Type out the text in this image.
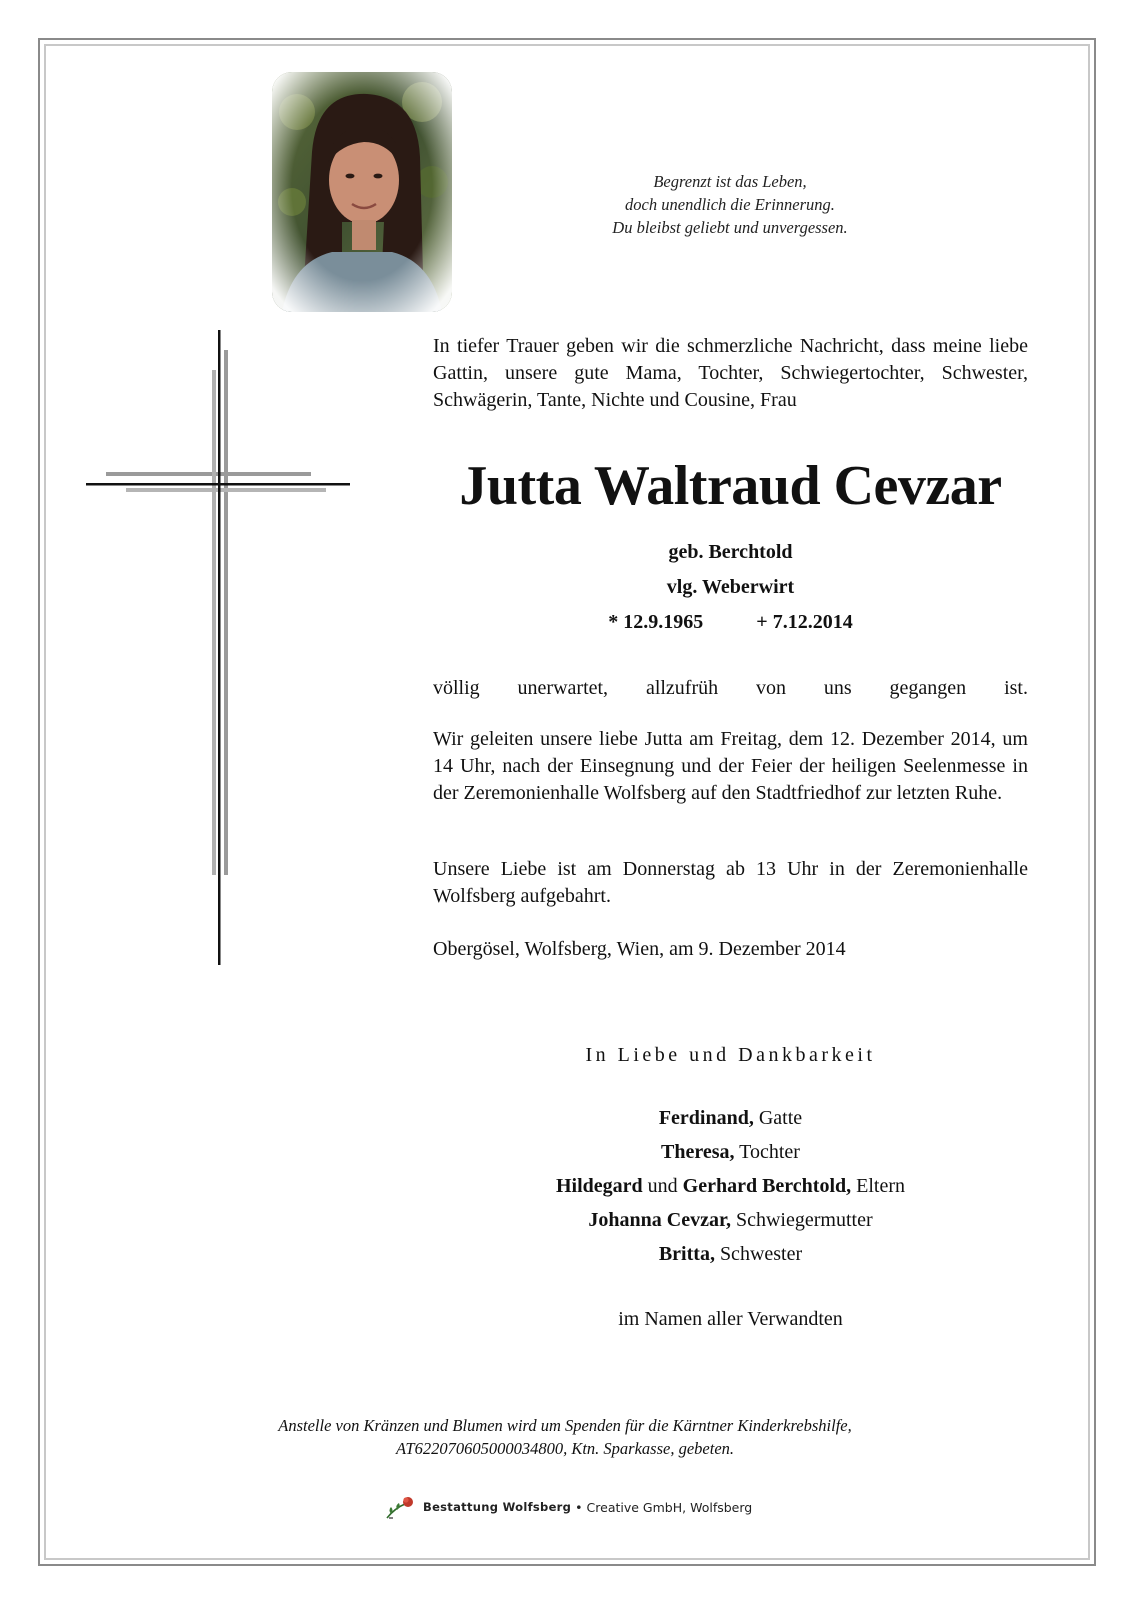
Begrenzt ist das Leben,
doch unendlich die Erinnerung.
Du bleibst geliebt und unvergessen.
In tiefer Trauer geben wir die schmerzliche Nachricht, dass meine liebe Gattin, unsere gute Mama, Tochter, Schwiegertochter, Schwester, Schwägerin, Tante, Nichte und Cousine, Frau
Jutta Waltraud Cevzar
geb. Berchtold
vlg. Weberwirt
* 12.9.1965	+ 7.12.2014
völlig unerwartet, allzufrüh von uns gegangen ist.
Wir geleiten unsere liebe Jutta am Freitag, dem 12. Dezember 2014, um 14 Uhr, nach der Einsegnung und der Feier der heiligen Seelenmesse in der Zeremonienhalle Wolfsberg auf den Stadtfriedhof zur letzten Ruhe.
Unsere Liebe ist am Donnerstag ab 13 Uhr in der Zeremonienhalle Wolfsberg aufgebahrt.
Obergösel, Wolfsberg, Wien, am 9. Dezember 2014
In Liebe und Dankbarkeit
Ferdinand, Gatte
Theresa, Tochter
Hildegard und Gerhard Berchtold, Eltern
Johanna Cevzar, Schwiegermutter
Britta, Schwester
im Namen aller Verwandten
Anstelle von Kränzen und Blumen wird um Spenden für die Kärntner Kinderkrebshilfe,
AT622070605000034800, Ktn. Sparkasse, gebeten.
Bestattung Wolfsberg • Creative GmbH, Wolfsberg
